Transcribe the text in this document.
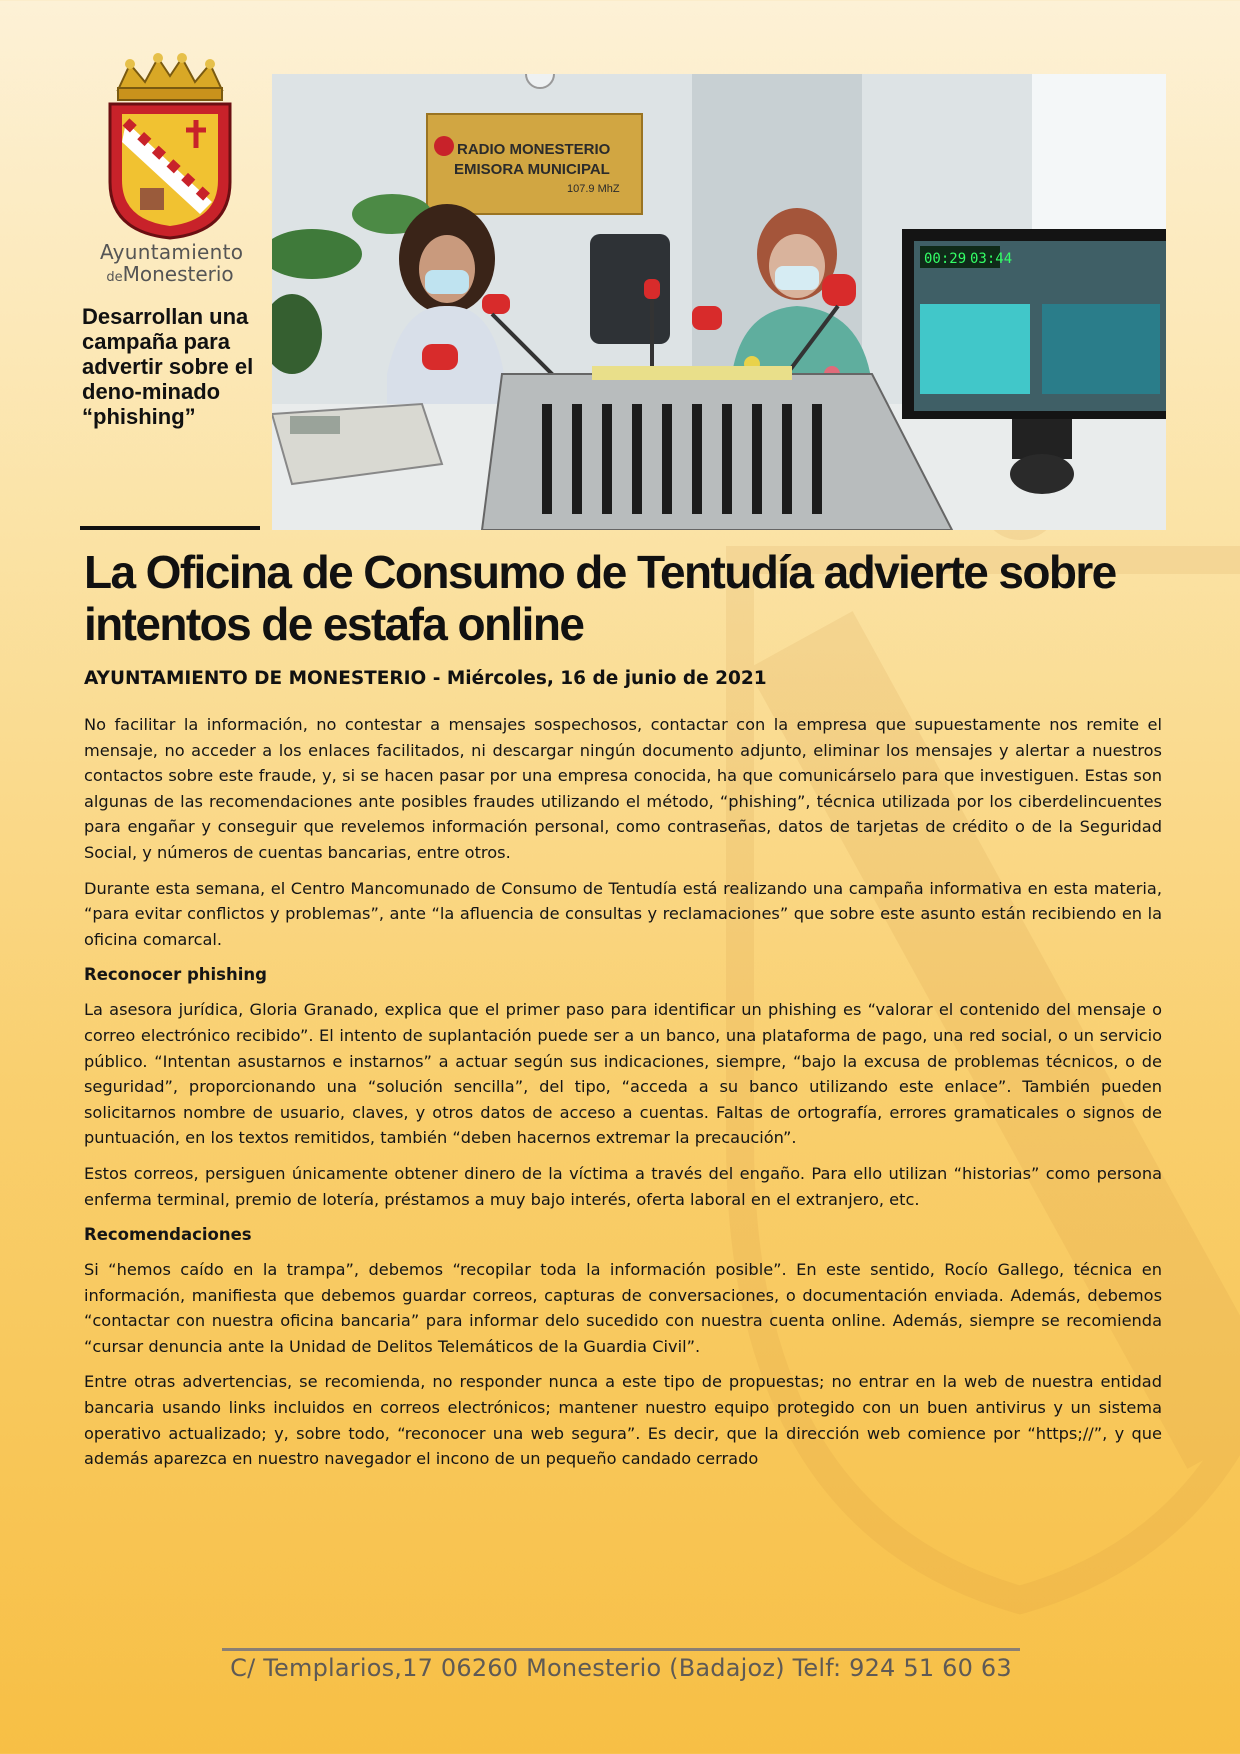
Ayuntamiento
deMonesterio
Desarrollan una campaña para advertir sobre el deno-minado “phishing”
RADIO MONESTERIO
EMISORA MUNICIPAL
107.9 MhZ
00:29 03:44
La Oficina de Consumo de Tentudía advierte sobre intentos de estafa online

AYUNTAMIENTO DE MONESTERIO - Miércoles, 16 de junio de 2021

No facilitar la información, no contestar a mensajes sospechosos, contactar con la empresa que supuestamente nos remite el mensaje, no acceder a los enlaces facilitados, ni descargar ningún documento adjunto, eliminar los mensajes y alertar a nuestros contactos sobre este fraude, y, si se hacen pasar por una empresa conocida, ha que comunicárselo para que investiguen. Estas son algunas de las recomendaciones ante posibles fraudes utilizando el método, “phishing”, técnica utilizada por los ciberdelincuentes para engañar y conseguir que revelemos información personal, como contraseñas, datos de tarjetas de crédito o de la Seguridad Social, y números de cuentas bancarias, entre otros.

Durante esta semana, el Centro Mancomunado de Consumo de Tentudía está realizando una campaña informativa en esta materia, “para evitar conflictos y problemas”, ante “la afluencia de consultas y reclamaciones” que sobre este asunto están recibiendo en la oficina comarcal.

Reconocer phishing

La asesora jurídica, Gloria Granado, explica que el primer paso para identificar un phishing es “valorar el contenido del mensaje o correo electrónico recibido”. El intento de suplantación puede ser a un banco, una plataforma de pago, una red social, o un servicio público. “Intentan asustarnos e instarnos” a actuar según sus indicaciones, siempre, “bajo la excusa de problemas técnicos, o de seguridad”, proporcionando una “solución sencilla”, del tipo, “acceda a su banco utilizando este enlace”. También pueden solicitarnos nombre de usuario, claves, y otros datos de acceso a cuentas. Faltas de ortografía, errores gramaticales o signos de puntuación, en los textos remitidos, también “deben hacernos extremar la precaución”.

Estos correos, persiguen únicamente obtener dinero de la víctima a través del engaño. Para ello utilizan “historias” como persona enferma terminal, premio de lotería, préstamos a muy bajo interés, oferta laboral en el extranjero, etc.

Recomendaciones

Si “hemos caído en la trampa”, debemos “recopilar toda la información posible”. En este sentido, Rocío Gallego, técnica en información, manifiesta que debemos guardar correos, capturas de conversaciones, o documentación enviada. Además, debemos “contactar con nuestra oficina bancaria” para informar delo sucedido con nuestra cuenta online. Además, siempre se recomienda “cursar denuncia ante la Unidad de Delitos Telemáticos de la Guardia Civil”.

Entre otras advertencias, se recomienda, no responder nunca a este tipo de propuestas; no entrar en la web de nuestra entidad bancaria usando links incluidos en correos electrónicos; mantener nuestro equipo protegido con un buen antivirus y un sistema operativo actualizado; y, sobre todo, “reconocer una web segura”. Es decir, que la dirección web comience por “https;//”, y que además aparezca en nuestro navegador el incono de un pequeño candado cerrado

C/ Templarios,17 06260 Monesterio (Badajoz) Telf: 924 51 60 63
